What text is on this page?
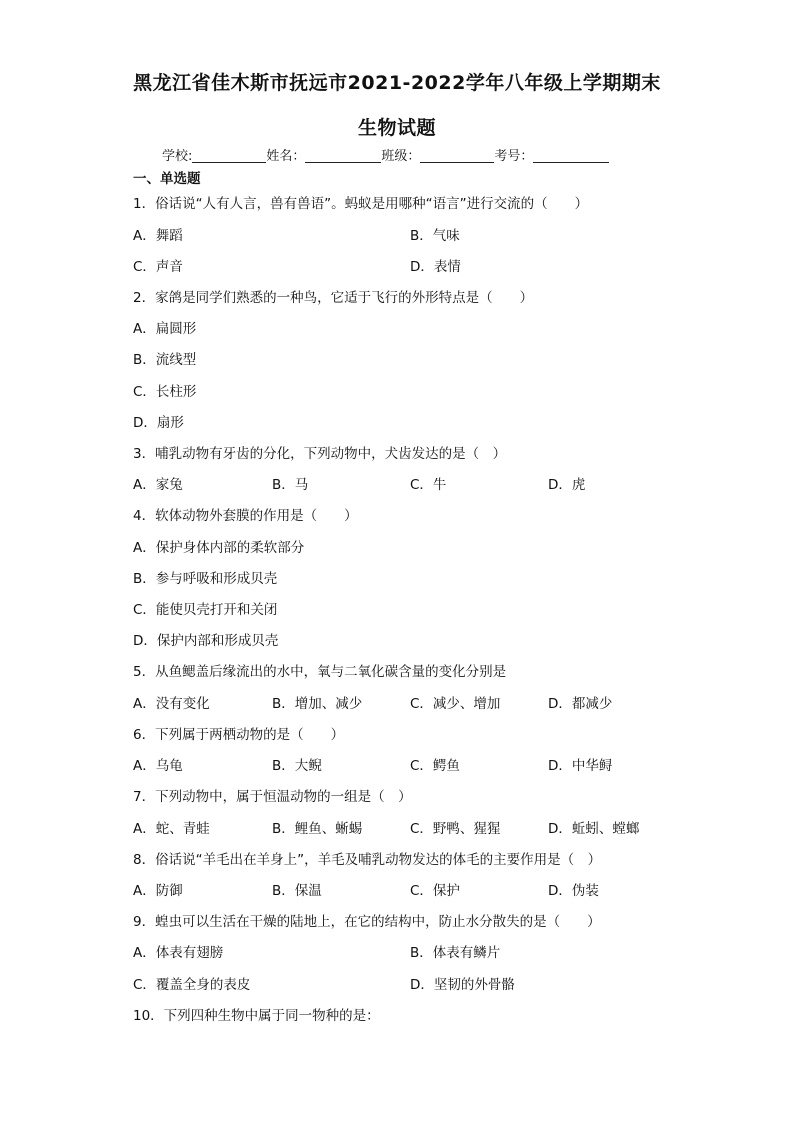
黑龙江省佳木斯市抚远市2021-2022学年八年级上学期期末
生物试题
学校:	姓名：	班级：	考号：
一、单选题
1．俗话说“人有人言，兽有兽语”。蚂蚁是用哪种“语言”进行交流的（　　）
A．舞蹈	B．气味
C．声音	D．表情
2．家鸽是同学们熟悉的一种鸟，它适于飞行的外形特点是（　　）
A．扁圆形
B．流线型
C．长柱形
D．扇形
3．哺乳动物有牙齿的分化，下列动物中，犬齿发达的是（　）
A．家兔	B．马	C．牛	D．虎
4．软体动物外套膜的作用是（　　）
A．保护身体内部的柔软部分
B．参与呼吸和形成贝壳
C．能使贝壳打开和关闭
D．保护内部和形成贝壳
5．从鱼鳃盖后缘流出的水中，氧与二氧化碳含量的变化分别是
A．没有变化	B．增加、减少	C．减少、增加	D．都减少
6．下列属于两栖动物的是（　　）
A．乌龟	B．大鲵	C．鳄鱼	D．中华鲟
7．下列动物中，属于恒温动物的一组是（　）
A．蛇、青蛙	B．鲤鱼、蜥蜴	C．野鸭、猩猩	D．蚯蚓、螳螂
8．俗话说“羊毛出在羊身上”，羊毛及哺乳动物发达的体毛的主要作用是（　）
A．防御	B．保温	C．保护	D．伪装
9．蝗虫可以生活在干燥的陆地上，在它的结构中，防止水分散失的是（　　）
A．体表有翅膀	B．体表有鳞片
C．覆盖全身的表皮	D．坚韧的外骨骼
10．下列四种生物中属于同一物种的是：
